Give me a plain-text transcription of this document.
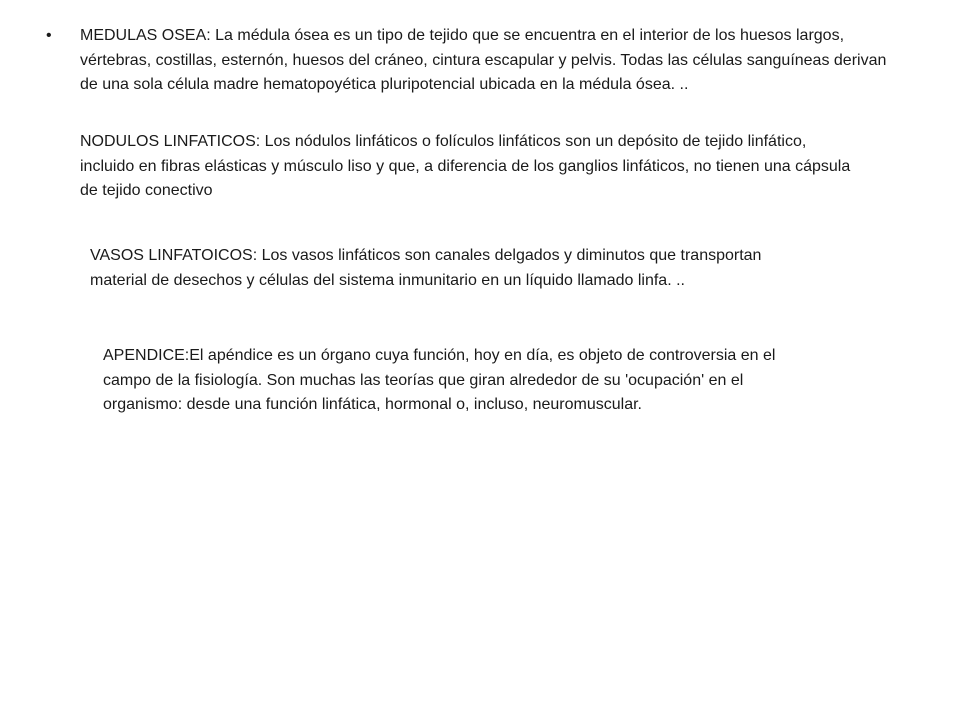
• MEDULAS OSEA: La médula ósea es un tipo de tejido que se encuentra en el interior de los huesos largos, vértebras, costillas, esternón, huesos del cráneo, cintura escapular y pelvis. Todas las células sanguíneas derivan de una sola célula madre hematopoyética pluripotencial ubicada en la médula ósea. ..

NODULOS LINFATICOS: Los nódulos linfáticos o folículos linfáticos son un depósito de tejido linfático, incluido en fibras elásticas y músculo liso y que, a diferencia de los ganglios linfáticos, no tienen una cápsula de tejido conectivo

VASOS LINFATOICOS: Los vasos linfáticos son canales delgados y diminutos que transportan material de desechos y células del sistema inmunitario en un líquido llamado linfa. ..

APENDICE:El apéndice es un órgano cuya función, hoy en día, es objeto de controversia en el campo de la fisiología. Son muchas las teorías que giran alrededor de su 'ocupación' en el organismo: desde una función linfática, hormonal o, incluso, neuromuscular.
